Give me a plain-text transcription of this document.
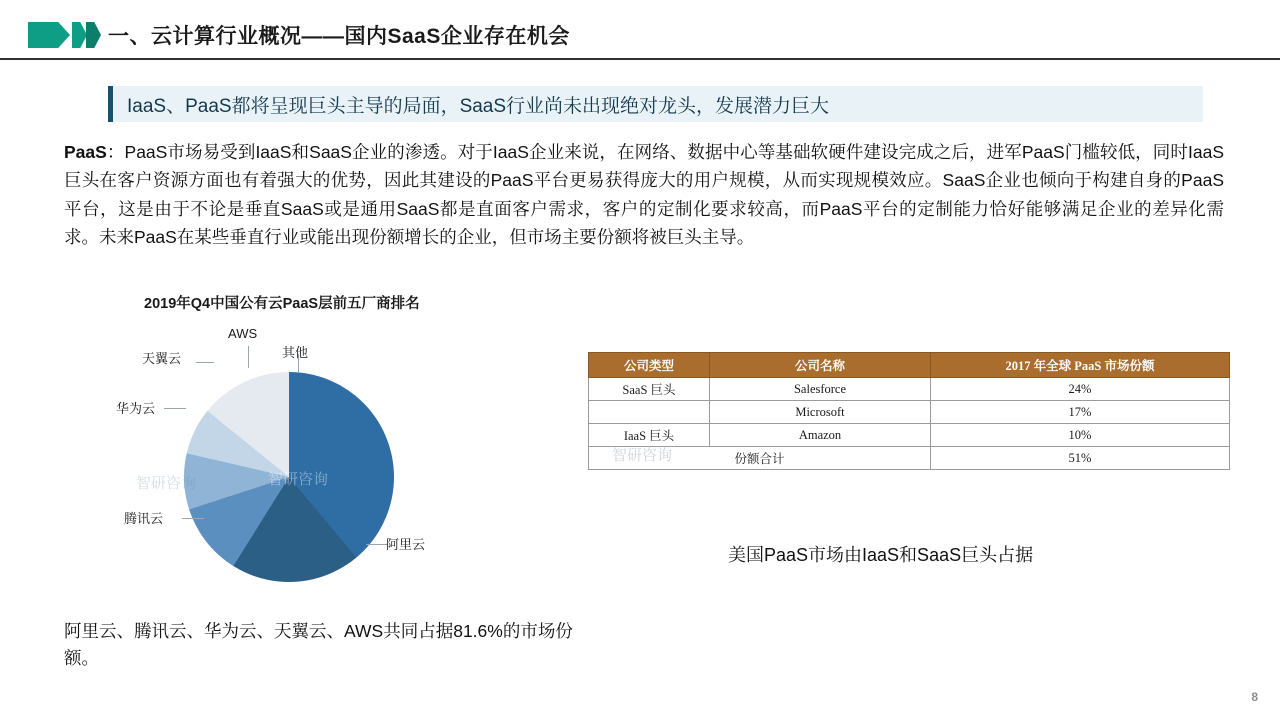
一、云计算行业概况——国内SaaS企业存在机会
IaaS、PaaS都将呈现巨头主导的局面，SaaS行业尚未出现绝对龙头，发展潜力巨大
PaaS：PaaS市场易受到IaaS和SaaS企业的渗透。对于IaaS企业来说，在网络、数据中心等基础软硬件建设完成之后，进军PaaS门槛较低，同时IaaS巨头在客户资源方面也有着强大的优势，因此其建设的PaaS平台更易获得庞大的用户规模，从而实现规模效应。SaaS企业也倾向于构建自身的PaaS平台，这是由于不论是垂直SaaS或是通用SaaS都是直面客户需求，客户的定制化要求较高，而PaaS平台的定制能力恰好能够满足企业的差异化需求。未来PaaS在某些垂直行业或能出现份额增长的企业，但市场主要份额将被巨头主导。
2019年Q4中国公有云PaaS层前五厂商排名
智研咨询	智研咨询
AWS
其他
天翼云
华为云
腾讯云
阿里云
公司类型	公司名称	2017 年全球 PaaS 市场份额
SaaS 巨头	Salesforce	24%
	Microsoft	17%
IaaS 巨头	Amazon	10%
份额合计		51%
智研咨询
美国PaaS市场由IaaS和SaaS巨头占据
阿里云、腾讯云、华为云、天翼云、AWS共同占据81.6%的市场份额。
8
